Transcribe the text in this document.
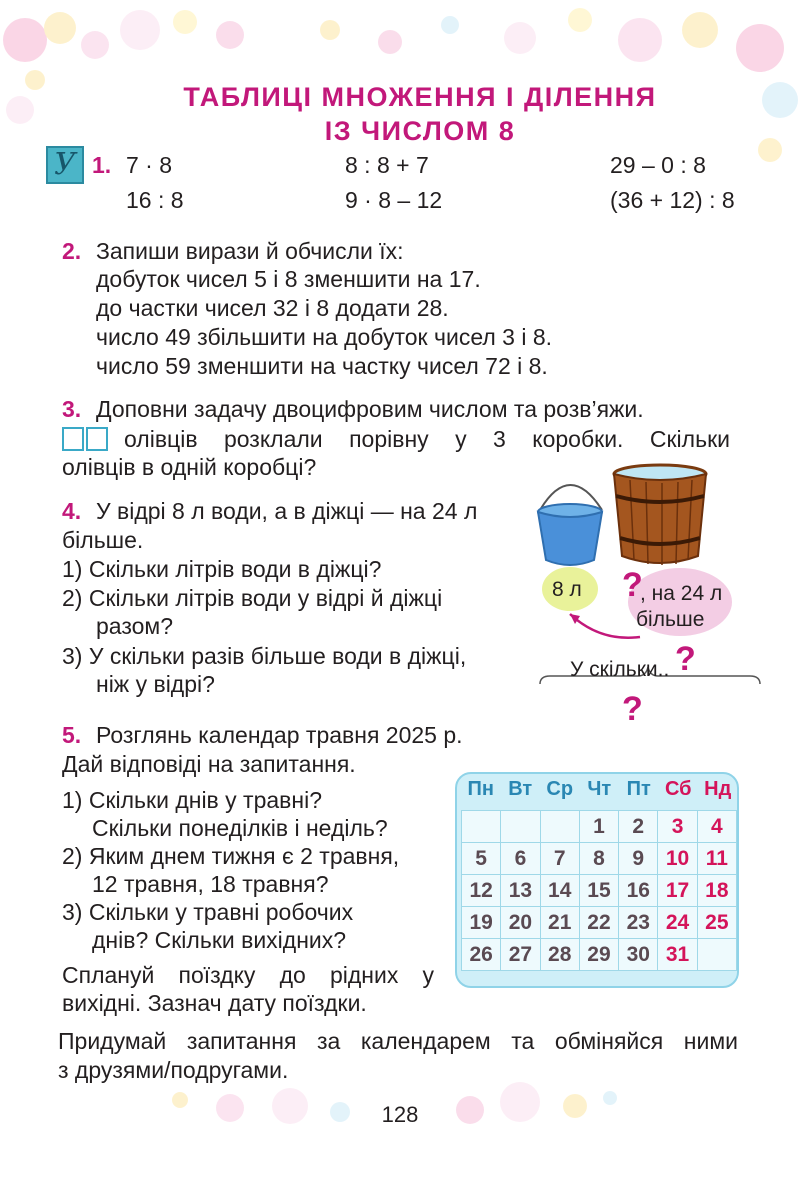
ТАБЛИЦІ МНОЖЕННЯ І ДІЛЕННЯ
ІЗ ЧИСЛОМ 8
У 1. 7 · 8	8 : 8 + 7	29 – 0 : 8
16 : 8	9 · 8 – 12	(36 + 12) : 8
2. Запиши вирази й обчисли їх:
добуток чисел 5 і 8 зменшити на 17.
до частки чисел 32 і 8 додати 28.
число 49 збільшити на добуток чисел 3 і 8.
число 59 зменшити на частку чисел 72 і 8.
3. Доповни задачу двоцифровим числом та розв’яжи.
олівців розклали порівну у 3 коробки. Скільки
олівців в одній коробці?
4. У відрі 8 л води, а в діжці — на 24 л
більше.
1) Скільки літрів води в діжці?
2) Скільки літрів води у відрі й діжці
разом?
3) У скільки разів більше води в діжці,
ніж у відрі?
8 л ?
, на 24 л
більше
У скільки.. ?
?
5. Розглянь календар травня 2025 р.
Дай відповіді на запитання.
1) Скільки днів у травні?
Скільки понеділків і неділь?
2) Яким днем тижня є 2 травня,
12 травня, 18 травня?
3) Скільки у травні робочих
днів? Скільки вихідних?
Сплануй поїздку до рідних у
вихідні. Зазнач дату поїздки.
Пн Вт Ср Чт Пт Сб Нд
			1	2	3	4
5	6	7	8	9	10	11
12	13	14	15	16	17	18
19	20	21	22	23	24	25
26	27	28	29	30	31	
Придумай запитання за календарем та обміняйся ними
з друзями/подругами.
128
